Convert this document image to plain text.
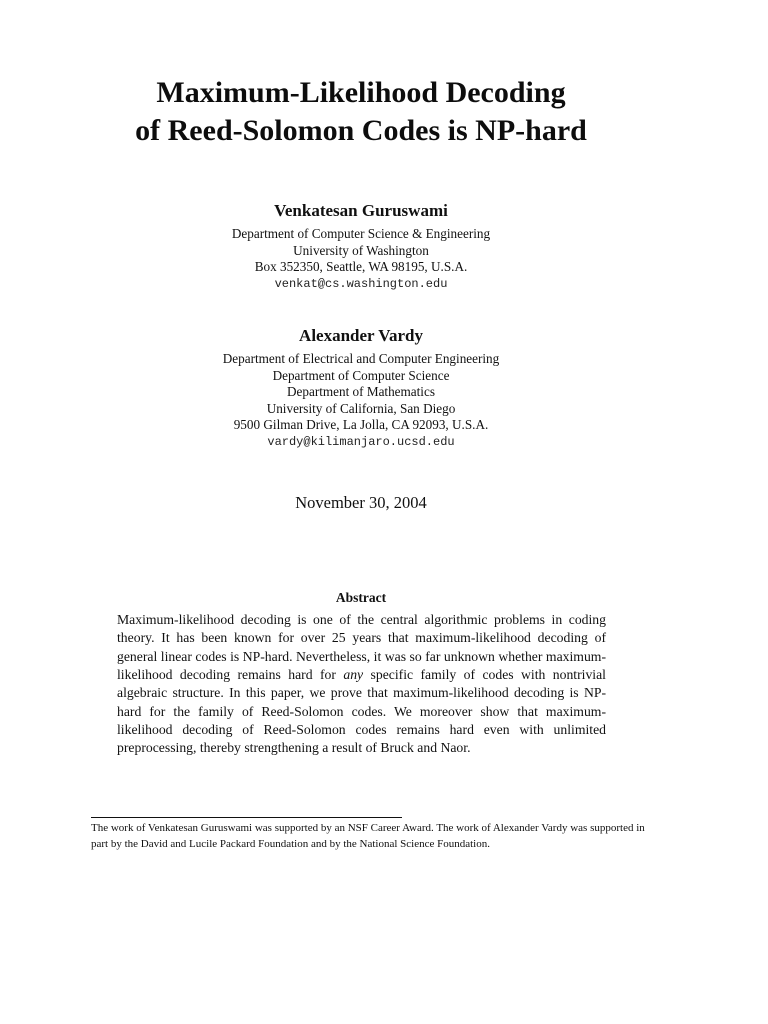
Maximum-Likelihood Decoding
of Reed-Solomon Codes is NP-hard
Venkatesan Guruswami
Department of Computer Science & Engineering
University of Washington
Box 352350, Seattle, WA 98195, U.S.A.
venkat@cs.washington.edu
Alexander Vardy
Department of Electrical and Computer Engineering
Department of Computer Science
Department of Mathematics
University of California, San Diego
9500 Gilman Drive, La Jolla, CA 92093, U.S.A.
vardy@kilimanjaro.ucsd.edu
November 30, 2004
Abstract

Maximum-likelihood decoding is one of the central algorithmic problems in coding theory. It has been known for over 25 years that maximum-likelihood decoding of general linear codes is NP-hard. Nevertheless, it was so far unknown whether maximum-likelihood decoding remains hard for any specific family of codes with nontrivial algebraic structure. In this paper, we prove that maximum-likelihood decoding is NP-hard for the family of Reed-Solomon codes. We moreover show that maximum-likelihood decoding of Reed-Solomon codes remains hard even with unlimited preprocessing, thereby strengthening a result of Bruck and Naor.

The work of Venkatesan Guruswami was supported by an NSF Career Award. The work of Alexander Vardy was supported in part by the David and Lucile Packard Foundation and by the National Science Foundation.
